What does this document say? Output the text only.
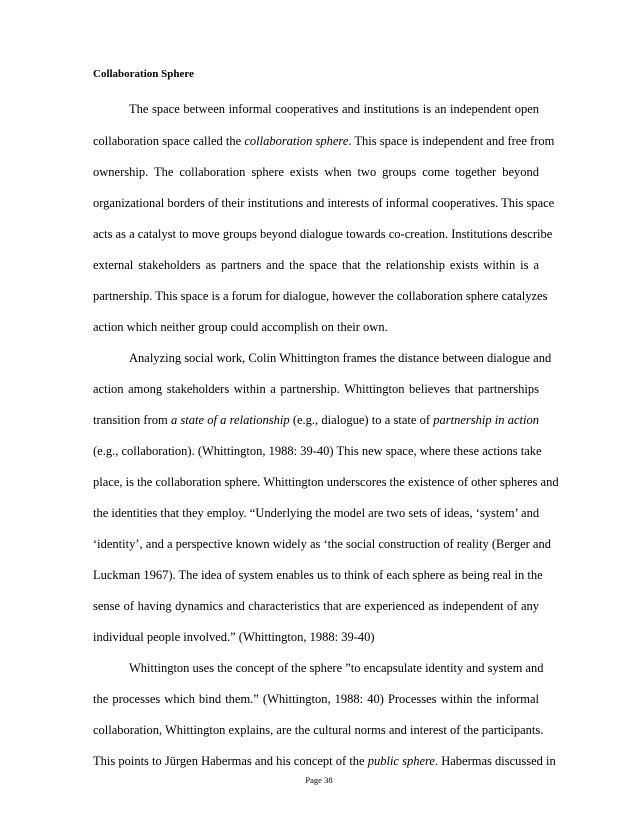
Collaboration Sphere
The space between informal cooperatives and institutions is an independent open
collaboration space called the collaboration sphere. This space is independent and free from
ownership. The collaboration sphere exists when two groups come together beyond
organizational borders of their institutions and interests of informal cooperatives. This space
acts as a catalyst to move groups beyond dialogue towards co-creation. Institutions describe
external stakeholders as partners and the space that the relationship exists within is a
partnership. This space is a forum for dialogue, however the collaboration sphere catalyzes
action which neither group could accomplish on their own.
Analyzing social work, Colin Whittington frames the distance between dialogue and
action among stakeholders within a partnership. Whittington believes that partnerships
transition from a state of a relationship (e.g., dialogue) to a state of partnership in action
(e.g., collaboration). (Whittington, 1988: 39-40) This new space, where these actions take
place, is the collaboration sphere. Whittington underscores the existence of other spheres and
the identities that they employ. “Underlying the model are two sets of ideas, ‘system’ and
‘identity’, and a perspective known widely as ‘the social construction of reality (Berger and
Luckman 1967). The idea of system enables us to think of each sphere as being real in the
sense of having dynamics and characteristics that are experienced as independent of any
individual people involved.” (Whittington, 1988: 39-40)
Whittington uses the concept of the sphere ”to encapsulate identity and system and
the processes which bind them.” (Whittington, 1988: 40) Processes within the informal
collaboration, Whittington explains, are the cultural norms and interest of the participants.
This points to Jürgen Habermas and his concept of the public sphere. Habermas discussed in
Page 38
